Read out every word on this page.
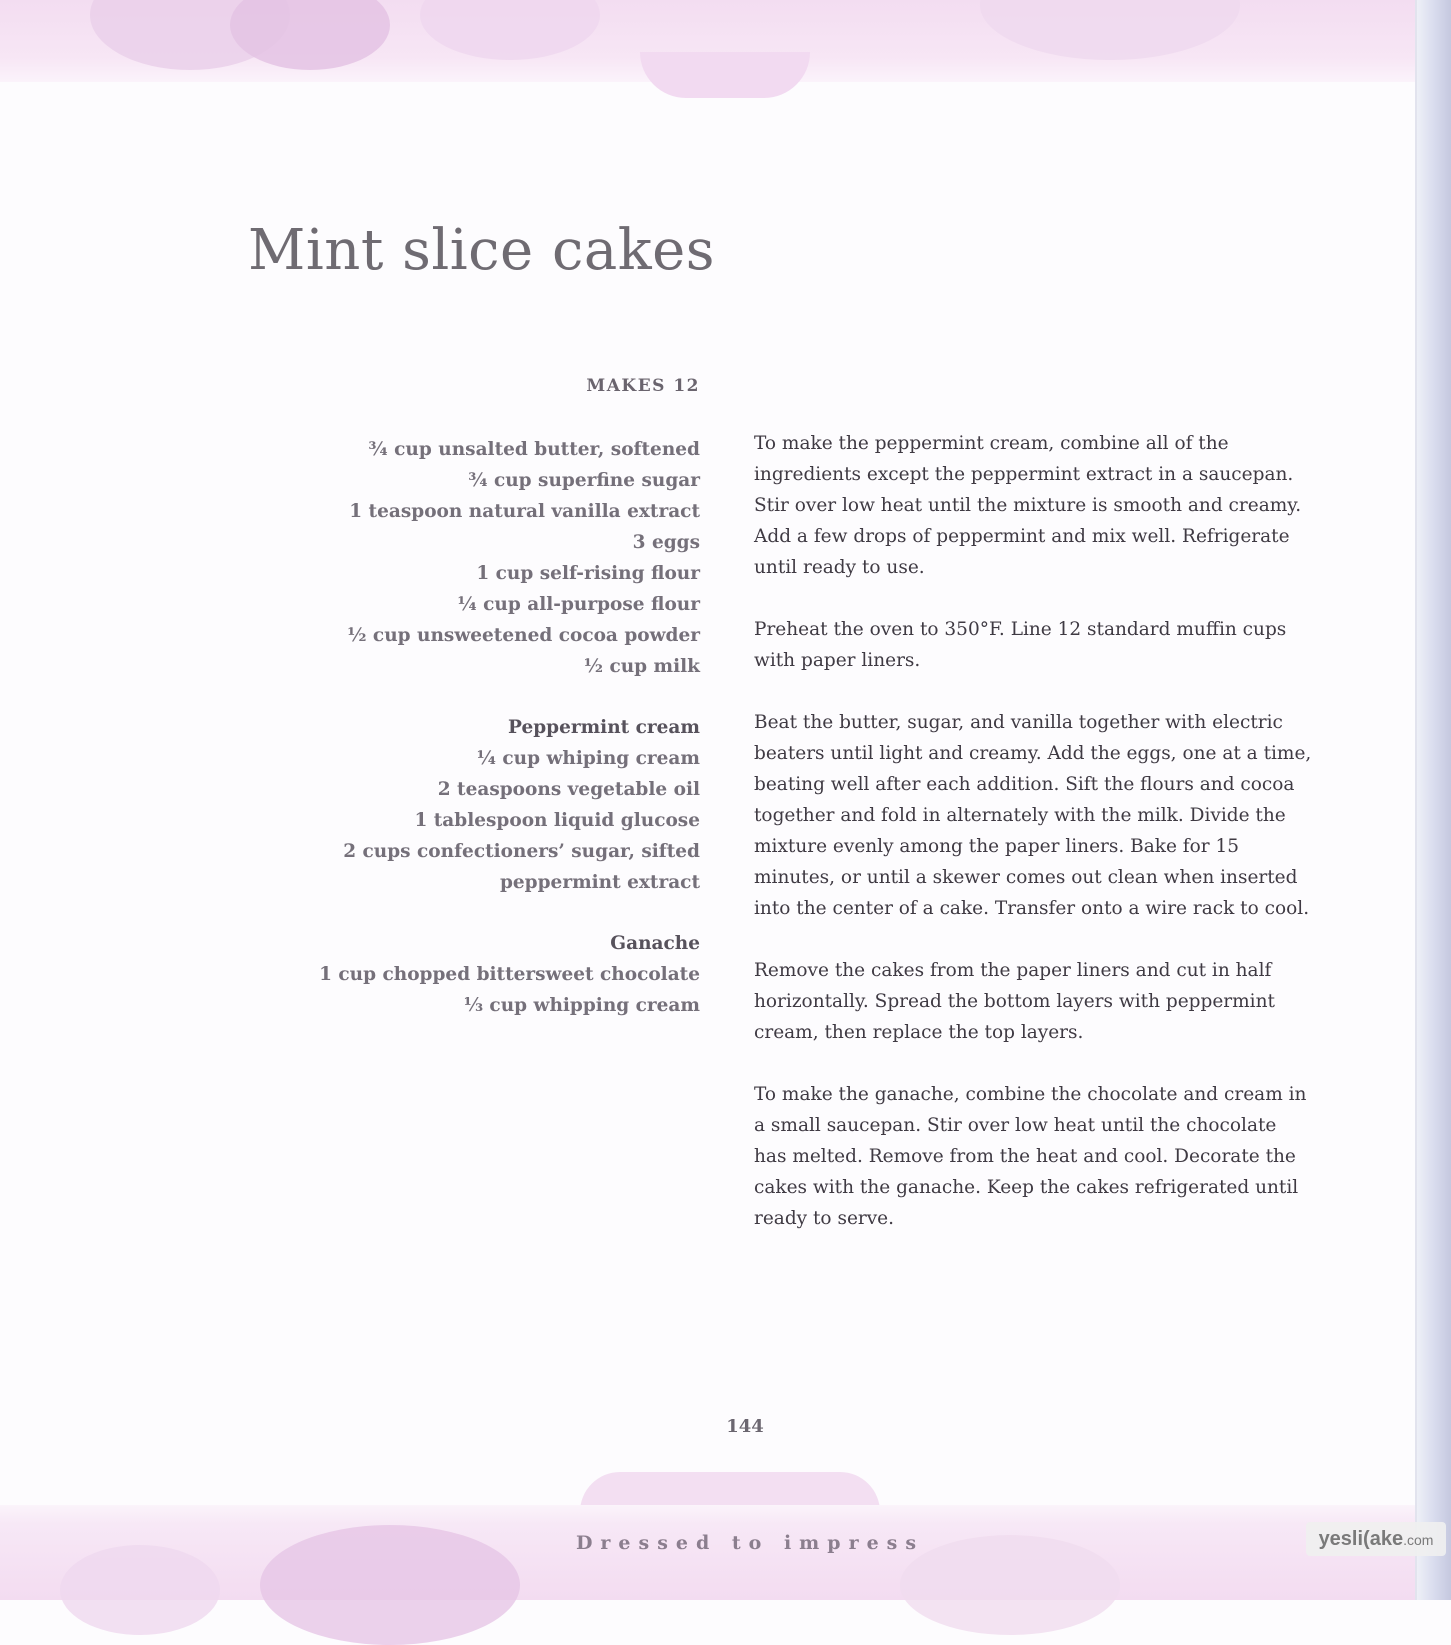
Mint slice cakes
MAKES 12
¾ cup unsalted butter, softened
¾ cup superfine sugar
1 teaspoon natural vanilla extract
3 eggs
1 cup self-rising flour
¼ cup all-purpose flour
½ cup unsweetened cocoa powder
½ cup milk
Peppermint cream
¼ cup whiping cream
2 teaspoons vegetable oil
1 tablespoon liquid glucose
2 cups confectioners’ sugar, sifted
peppermint extract
Ganache
1 cup chopped bittersweet chocolate
⅓ cup whipping cream

To make the peppermint cream, combine all of the ingredients except the peppermint extract in a saucepan. Stir over low heat until the mixture is smooth and creamy. Add a few drops of peppermint and mix well. Refrigerate until ready to use.

Preheat the oven to 350°F. Line 12 standard muffin cups with paper liners.

Beat the butter, sugar, and vanilla together with electric beaters until light and creamy. Add the eggs, one at a time, beating well after each addition. Sift the flours and cocoa together and fold in alternately with the milk. Divide the mixture evenly among the paper liners. Bake for 15 minutes, or until a skewer comes out clean when inserted into the center of a cake. Transfer onto a wire rack to cool.

Remove the cakes from the paper liners and cut in half horizontally. Spread the bottom layers with peppermint cream, then replace the top layers.

To make the ganache, combine the chocolate and cream in a small saucepan. Stir over low heat until the chocolate has melted. Remove from the heat and cool. Decorate the cakes with the ganache. Keep the cakes refrigerated until ready to serve.

144
Dressed to impress	yesli(ake.com
